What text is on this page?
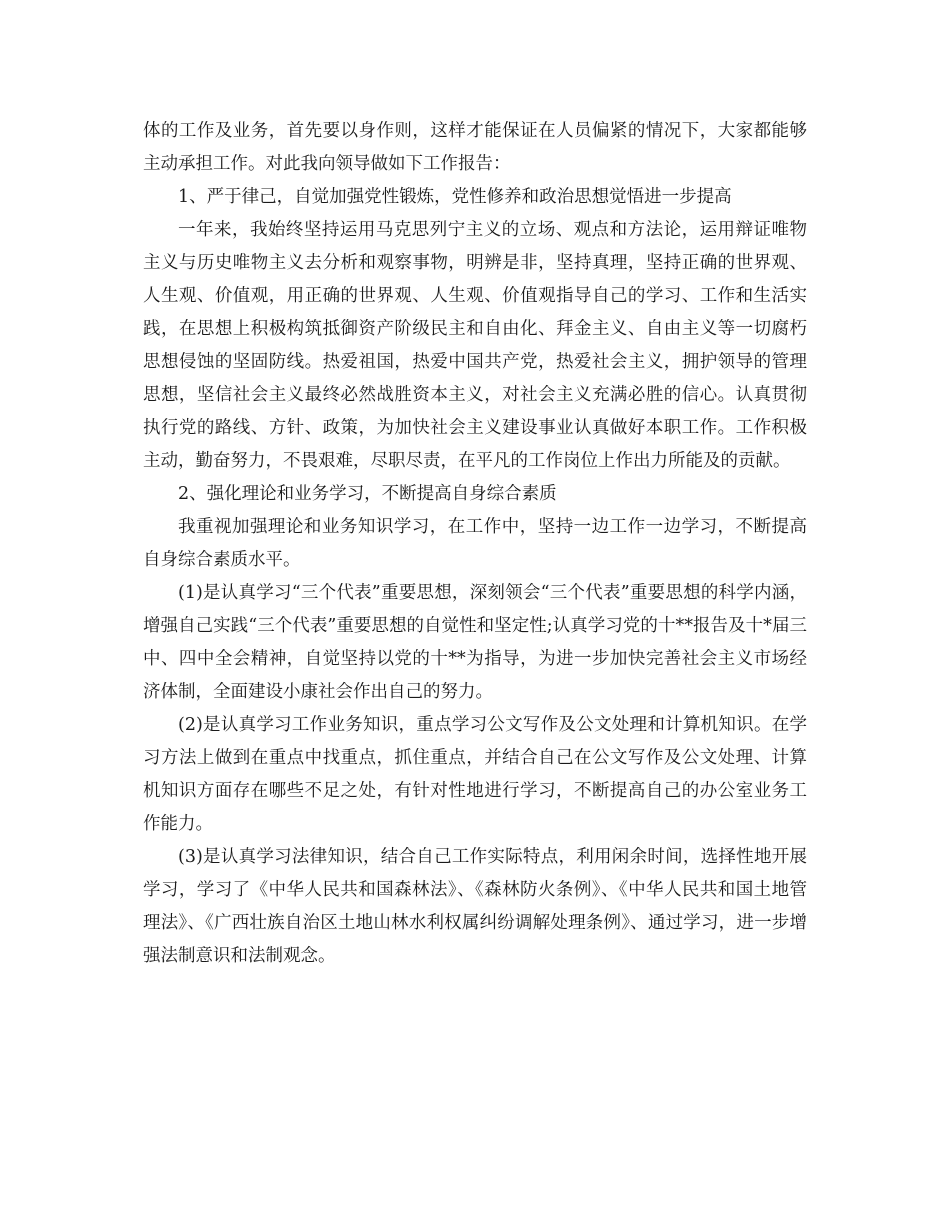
体的工作及业务，首先要以身作则，这样才能保证在人员偏紧的情况下，大家都能够主动承担工作。对此我向领导做如下工作报告：

1、严于律己，自觉加强党性锻炼，党性修养和政治思想觉悟进一步提高

一年来，我始终坚持运用马克思列宁主义的立场、观点和方法论，运用辩证唯物主义与历史唯物主义去分析和观察事物，明辨是非，坚持真理，坚持正确的世界观、人生观、价值观，用正确的世界观、人生观、价值观指导自己的学习、工作和生活实践，在思想上积极构筑抵御资产阶级民主和自由化、拜金主义、自由主义等一切腐朽思想侵蚀的坚固防线。热爱祖国，热爱中国共产党，热爱社会主义，拥护领导的管理思想，坚信社会主义最终必然战胜资本主义，对社会主义充满必胜的信心。认真贯彻执行党的路线、方针、政策，为加快社会主义建设事业认真做好本职工作。工作积极主动，勤奋努力，不畏艰难，尽职尽责，在平凡的工作岗位上作出力所能及的贡献。

2、强化理论和业务学习，不断提高自身综合素质

我重视加强理论和业务知识学习，在工作中，坚持一边工作一边学习，不断提高自身综合素质水平。

(1)是认真学习“三个代表”重要思想，深刻领会“三个代表”重要思想的科学内涵，增强自己实践“三个代表”重要思想的自觉性和坚定性;认真学习党的十**报告及十*届三中、四中全会精神，自觉坚持以党的十**为指导，为进一步加快完善社会主义市场经济体制，全面建设小康社会作出自己的努力。

(2)是认真学习工作业务知识，重点学习公文写作及公文处理和计算机知识。在学习方法上做到在重点中找重点，抓住重点，并结合自己在公文写作及公文处理、计算机知识方面存在哪些不足之处，有针对性地进行学习，不断提高自己的办公室业务工作能力。

(3)是认真学习法律知识，结合自己工作实际特点，利用闲余时间，选择性地开展学习，学习了《中华人民共和国森林法》、《森林防火条例》、《中华人民共和国土地管理法》、《广西壮族自治区土地山林水利权属纠纷调解处理条例》、通过学习，进一步增强法制意识和法制观念。
